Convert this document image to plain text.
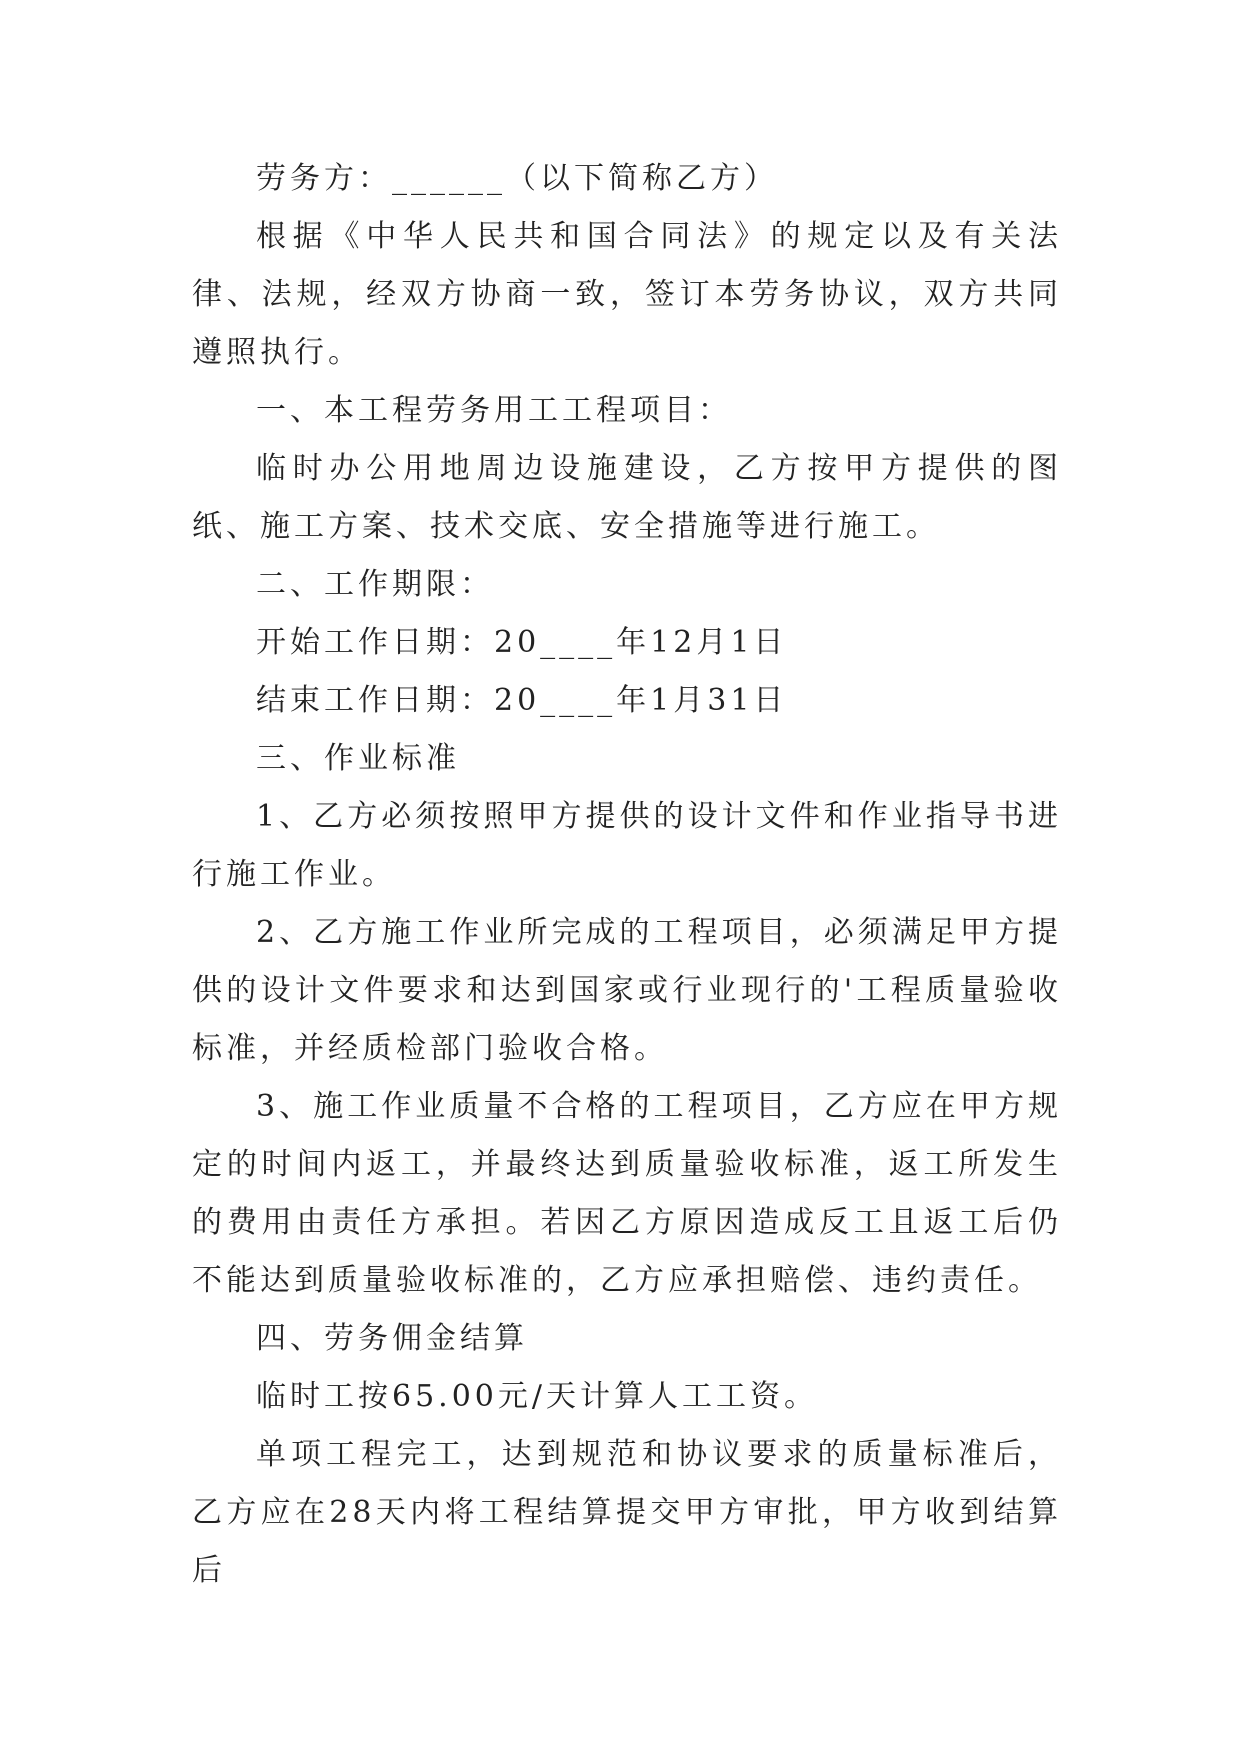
劳务方：______（以下简称乙方）

根据《中华人民共和国合同法》的规定以及有关法律、法规，经双方协商一致，签订本劳务协议，双方共同遵照执行。

一、本工程劳务用工工程项目：

临时办公用地周边设施建设，乙方按甲方提供的图纸、施工方案、技术交底、安全措施等进行施工。

二、工作期限：

开始工作日期：20____年12月1日

结束工作日期：20____年1月31日

三、作业标准

1、乙方必须按照甲方提供的设计文件和作业指导书进行施工作业。

2、乙方施工作业所完成的工程项目，必须满足甲方提供的设计文件要求和达到国家或行业现行的'工程质量验收标准，并经质检部门验收合格。

3、施工作业质量不合格的工程项目，乙方应在甲方规定的时间内返工，并最终达到质量验收标准，返工所发生的费用由责任方承担。若因乙方原因造成反工且返工后仍不能达到质量验收标准的，乙方应承担赔偿、违约责任。

四、劳务佣金结算

临时工按65.00元/天计算人工工资。

单项工程完工，达到规范和协议要求的质量标准后，乙方应在28天内将工程结算提交甲方审批，甲方收到结算后
